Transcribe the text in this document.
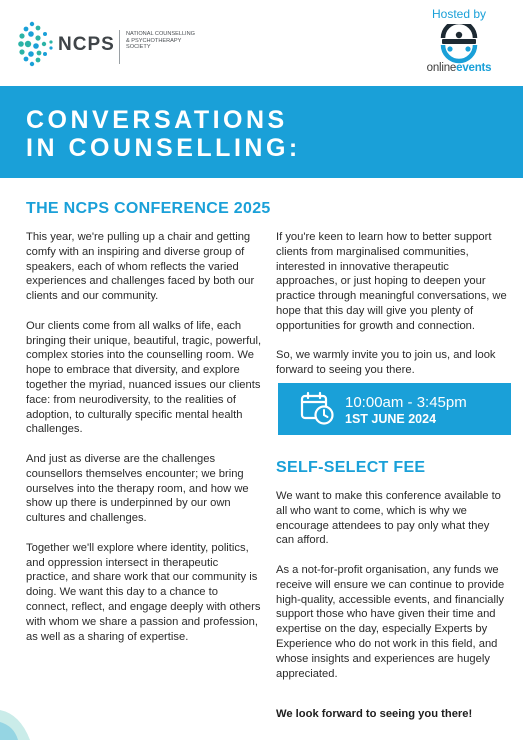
NCPS NATIONAL COUNSELLING & PSYCHOTHERAPY SOCIETY
Hosted by
onlineevents
CONVERSATIONS
IN COUNSELLING:
THE NCPS CONFERENCE 2025

This year, we're pulling up a chair and getting comfy with an inspiring and diverse group of speakers, each of whom reflects the varied experiences and challenges faced by both our clients and our community.

Our clients come from all walks of life, each bringing their unique, beautiful, tragic, powerful, complex stories into the counselling room. We hope to embrace that diversity, and explore together the myriad, nuanced issues our clients face: from neurodiversity, to the realities of adoption, to culturally specific mental health challenges.

And just as diverse are the challenges counsellors themselves encounter; we bring ourselves into the therapy room, and how we show up there is underpinned by our own cultures and challenges.

Together we'll explore where identity, politics, and oppression intersect in therapeutic practice, and share work that our community is doing. We want this day to a chance to connect, reflect, and engage deeply with others with whom we share a passion and profession, as well as a sharing of expertise.

If you're keen to learn how to better support clients from marginalised communities, interested in innovative therapeutic approaches, or just hoping to deepen your practice through meaningful conversations, we hope that this day will give you plenty of opportunities for growth and connection.

So, we warmly invite you to join us, and look forward to seeing you there.

10:00am - 3:45pm
1ST JUNE 2024
SELF-SELECT FEE

We want to make this conference available to all who want to come, which is why we encourage attendees to pay only what they can afford.

As a not-for-profit organisation, any funds we receive will ensure we can continue to provide high-quality, accessible events, and financially support those who have given their time and expertise on the day, especially Experts by Experience who do not work in this field, and whose insights and experiences are hugely appreciated.

We look forward to seeing you there!
